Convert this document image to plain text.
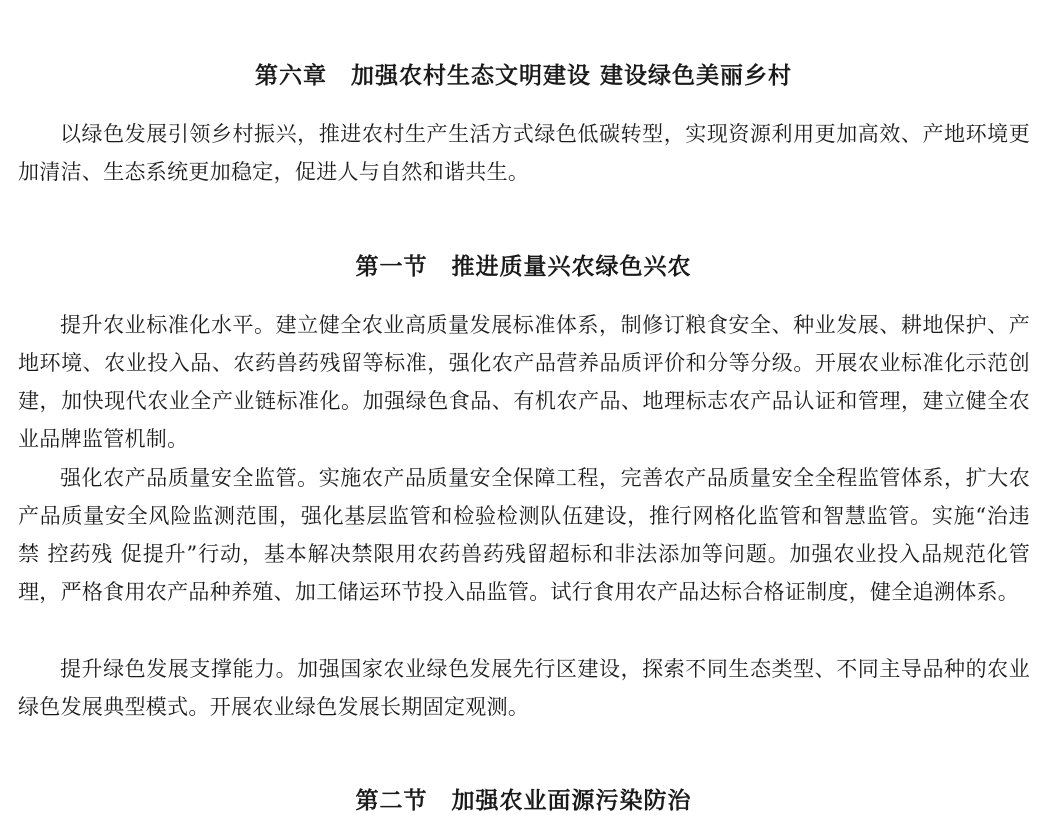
第六章　加强农村生态文明建设 建设绿色美丽乡村

以绿色发展引领乡村振兴，推进农村生产生活方式绿色低碳转型，实现资源利用更加高效、产地环境更加清洁、生态系统更加稳定，促进人与自然和谐共生。

第一节　推进质量兴农绿色兴农

提升农业标准化水平。建立健全农业高质量发展标准体系，制修订粮食安全、种业发展、耕地保护、产地环境、农业投入品、农药兽药残留等标准，强化农产品营养品质评价和分等分级。开展农业标准化示范创建，加快现代农业全产业链标准化。加强绿色食品、有机农产品、地理标志农产品认证和管理，建立健全农业品牌监管机制。

强化农产品质量安全监管。实施农产品质量安全保障工程，完善农产品质量安全全程监管体系，扩大农产品质量安全风险监测范围，强化基层监管和检验检测队伍建设，推行网格化监管和智慧监管。实施“治违禁 控药残 促提升”行动，基本解决禁限用农药兽药残留超标和非法添加等问题。加强农业投入品规范化管理，严格食用农产品种养殖、加工储运环节投入品监管。试行食用农产品达标合格证制度，健全追溯体系。

提升绿色发展支撑能力。加强国家农业绿色发展先行区建设，探索不同生态类型、不同主导品种的农业绿色发展典型模式。开展农业绿色发展长期固定观测。

第二节　加强农业面源污染防治
